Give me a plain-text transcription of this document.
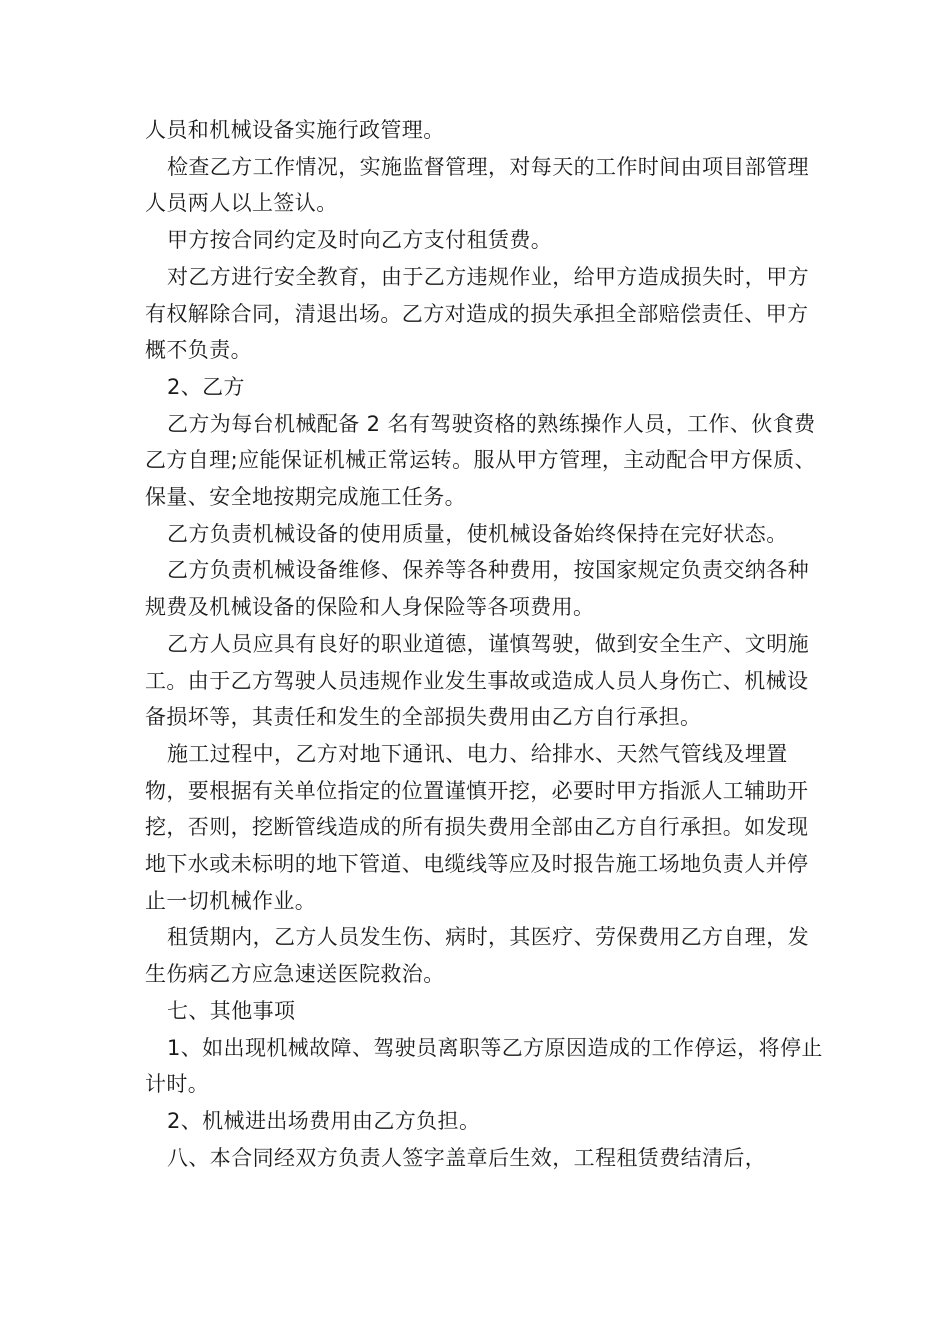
人员和机械设备实施行政管理。

检查乙方工作情况，实施监督管理，对每天的工作时间由项目部管理人员两人以上签认。

甲方按合同约定及时向乙方支付租赁费。

对乙方进行安全教育，由于乙方违规作业，给甲方造成损失时，甲方有权解除合同，清退出场。乙方对造成的损失承担全部赔偿责任、甲方概不负责。

2、乙方

乙方为每台机械配备 2 名有驾驶资格的熟练操作人员，工作、伙食费乙方自理;应能保证机械正常运转。服从甲方管理，主动配合甲方保质、保量、安全地按期完成施工任务。

乙方负责机械设备的使用质量，使机械设备始终保持在完好状态。

乙方负责机械设备维修、保养等各种费用，按国家规定负责交纳各种规费及机械设备的保险和人身保险等各项费用。

乙方人员应具有良好的职业道德，谨慎驾驶，做到安全生产、文明施工。由于乙方驾驶人员违规作业发生事故或造成人员人身伤亡、机械设备损坏等，其责任和发生的全部损失费用由乙方自行承担。

施工过程中，乙方对地下通讯、电力、给排水、天然气管线及埋置物，要根据有关单位指定的位置谨慎开挖，必要时甲方指派人工辅助开挖，否则，挖断管线造成的所有损失费用全部由乙方自行承担。如发现地下水或未标明的地下管道、电缆线等应及时报告施工场地负责人并停止一切机械作业。

租赁期内，乙方人员发生伤、病时，其医疗、劳保费用乙方自理，发生伤病乙方应急速送医院救治。

七、其他事项

1、如出现机械故障、驾驶员离职等乙方原因造成的工作停运，将停止计时。

2、机械进出场费用由乙方负担。

八、本合同经双方负责人签字盖章后生效，工程租赁费结清后，
